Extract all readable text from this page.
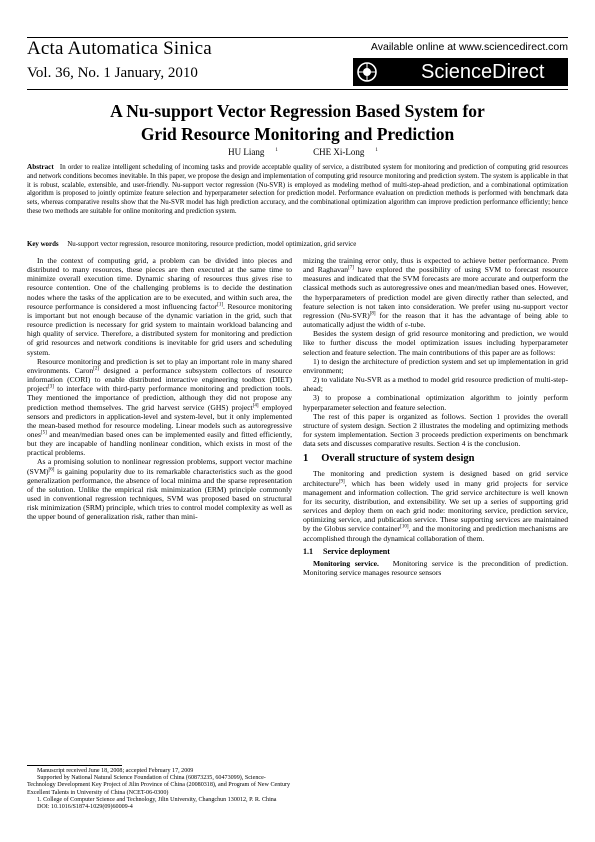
Acta Automatica Sinica
Vol. 36, No. 1 January, 2010
Available online at www.sciencedirect.com
ScienceDirect
A Nu-support Vector Regression Based System for
Grid Resource Monitoring and Prediction
HU Liang $^1$	CHE Xi-Long $^1$
Abstract In order to realize intelligent scheduling of incoming tasks and provide acceptable quality of service, a distributed system for monitoring and prediction of computing grid resources and network conditions becomes inevitable. In this paper, we propose the design and implementation of computing grid resource monitoring and prediction system. The system is applicable in that it is robust, scalable, extensible, and user-friendly. Nu-support vector regression (Nu-SVR) is employed as modeling method of multi-step-ahead prediction, and a combinational optimization algorithm is proposed to jointly optimize feature selection and hyperparameter selection for prediction model. Performance evaluation on prediction methods is performed with benchmark data sets, whereas comparative results show that the Nu-SVR model has high prediction accuracy, and the combinational optimization algorithm can improve prediction performance efficiently; hence these two methods are suitable for online monitoring and prediction system.
Key words Nu-support vector regression, resource monitoring, resource prediction, model optimization, grid service

In the context of computing grid, a problem can be divided into pieces and distributed to many resources, these pieces are then executed at the same time to minimize overall execution time. Dynamic sharing of resources thus gives rise to resource contention. One of the challenging problems is to decide the destination nodes where the tasks of the application are to be executed, and within such area, the resource performance is considered a most influencing factor[1]. Resource monitoring is important but not enough because of the dynamic variation in the grid, such that resource prediction is necessary for grid system to maintain workload balancing and high quality of service. Therefore, a distributed system for monitoring and prediction of grid resources and network conditions is inevitable for grid users and scheduling system.

Resource monitoring and prediction is set to play an important role in many shared environments. Caron[2] designed a performance subsystem collectors of resource information (CORI) to enable distributed interactive engineering toolbox (DIET) project[3] to interface with third-party performance monitoring and prediction tools. They mentioned the importance of prediction, although they did not propose any prediction method themselves. The grid harvest service (GHS) project[4] employed sensors and predictors in application-level and system-level, but it only implemented the mean-based method for resource modeling. Linear models such as autoregressive ones[5] and mean/median based ones can be implemented easily and fitted efficiently, but they are incapable of handling nonlinear condition, which exists in most of the practical problems.

As a promising solution to nonlinear regression problems, support vector machine (SVM)[6] is gaining popularity due to its remarkable characteristics such as the good generalization performance, the absence of local minima and the sparse representation of the solution. Unlike the empirical risk minimization (ERM) principle commonly used in conventional regression techniques, SVM was proposed based on structural risk minimization (SRM) principle, which tries to control model complexity as well as the upper bound of generalization risk, rather than mini-

Manuscript received June 18, 2008; accepted February 17, 2009
Supported by National Natural Science Foundation of China (60873235, 60473099), Science-Technology Development Key Project of Jilin Province of China (20080318), and Program of New Century Excellent Talents in University of China (NCET-06-0300)
1. College of Computer Science and Technology, Jilin University, Changchun 130012, P. R. China
DOI: 10.1016/S1874-1029(09)60009-4

mizing the training error only, thus is expected to achieve better performance. Prem and Raghavan[7] have explored the possibility of using SVM to forecast resource measures and indicated that the SVM forecasts are more accurate and outperform the classical methods such as autoregressive ones and mean/median based ones. However, the hyperparameters of prediction model are given directly rather than selected, and feature selection is not taken into consideration. We prefer using nu-support vector regression (Nu-SVR)[8] for the reason that it has the advantage of being able to automatically adjust the width of ε-tube.

Besides the system design of grid resource monitoring and prediction, we would like to further discuss the model optimization issues including hyperparameter selection and feature selection. The main contributions of this paper are as follows:

1) to design the architecture of prediction system and set up implementation in grid environment;

2) to validate Nu-SVR as a method to model grid resource prediction of multi-step-ahead;

3) to propose a combinational optimization algorithm to jointly perform hyperparameter selection and feature selection.

The rest of this paper is organized as follows. Section 1 provides the overall structure of system design. Section 2 illustrates the modeling and optimizing methods for system implementation. Section 3 proceeds prediction experiments on benchmark data sets and discusses comparative results. Section 4 is the conclusion.

1 Overall structure of system design

The monitoring and prediction system is designed based on grid service architecture[9], which has been widely used in many grid projects for service management and information collection. The grid service architecture is well known for its security, distribution, and extensibility. We set up a series of supporting grid services and deploy them on each grid node: monitoring service, prediction service, optimizing service, and publication service. These supporting services are maintained by the Globus service container[10], and the monitoring and prediction mechanisms are accomplished through the dynamical collaboration of them.

1.1 Service deployment

Monitoring service. Monitoring service is the precondition of prediction. Monitoring service manages resource sensors
